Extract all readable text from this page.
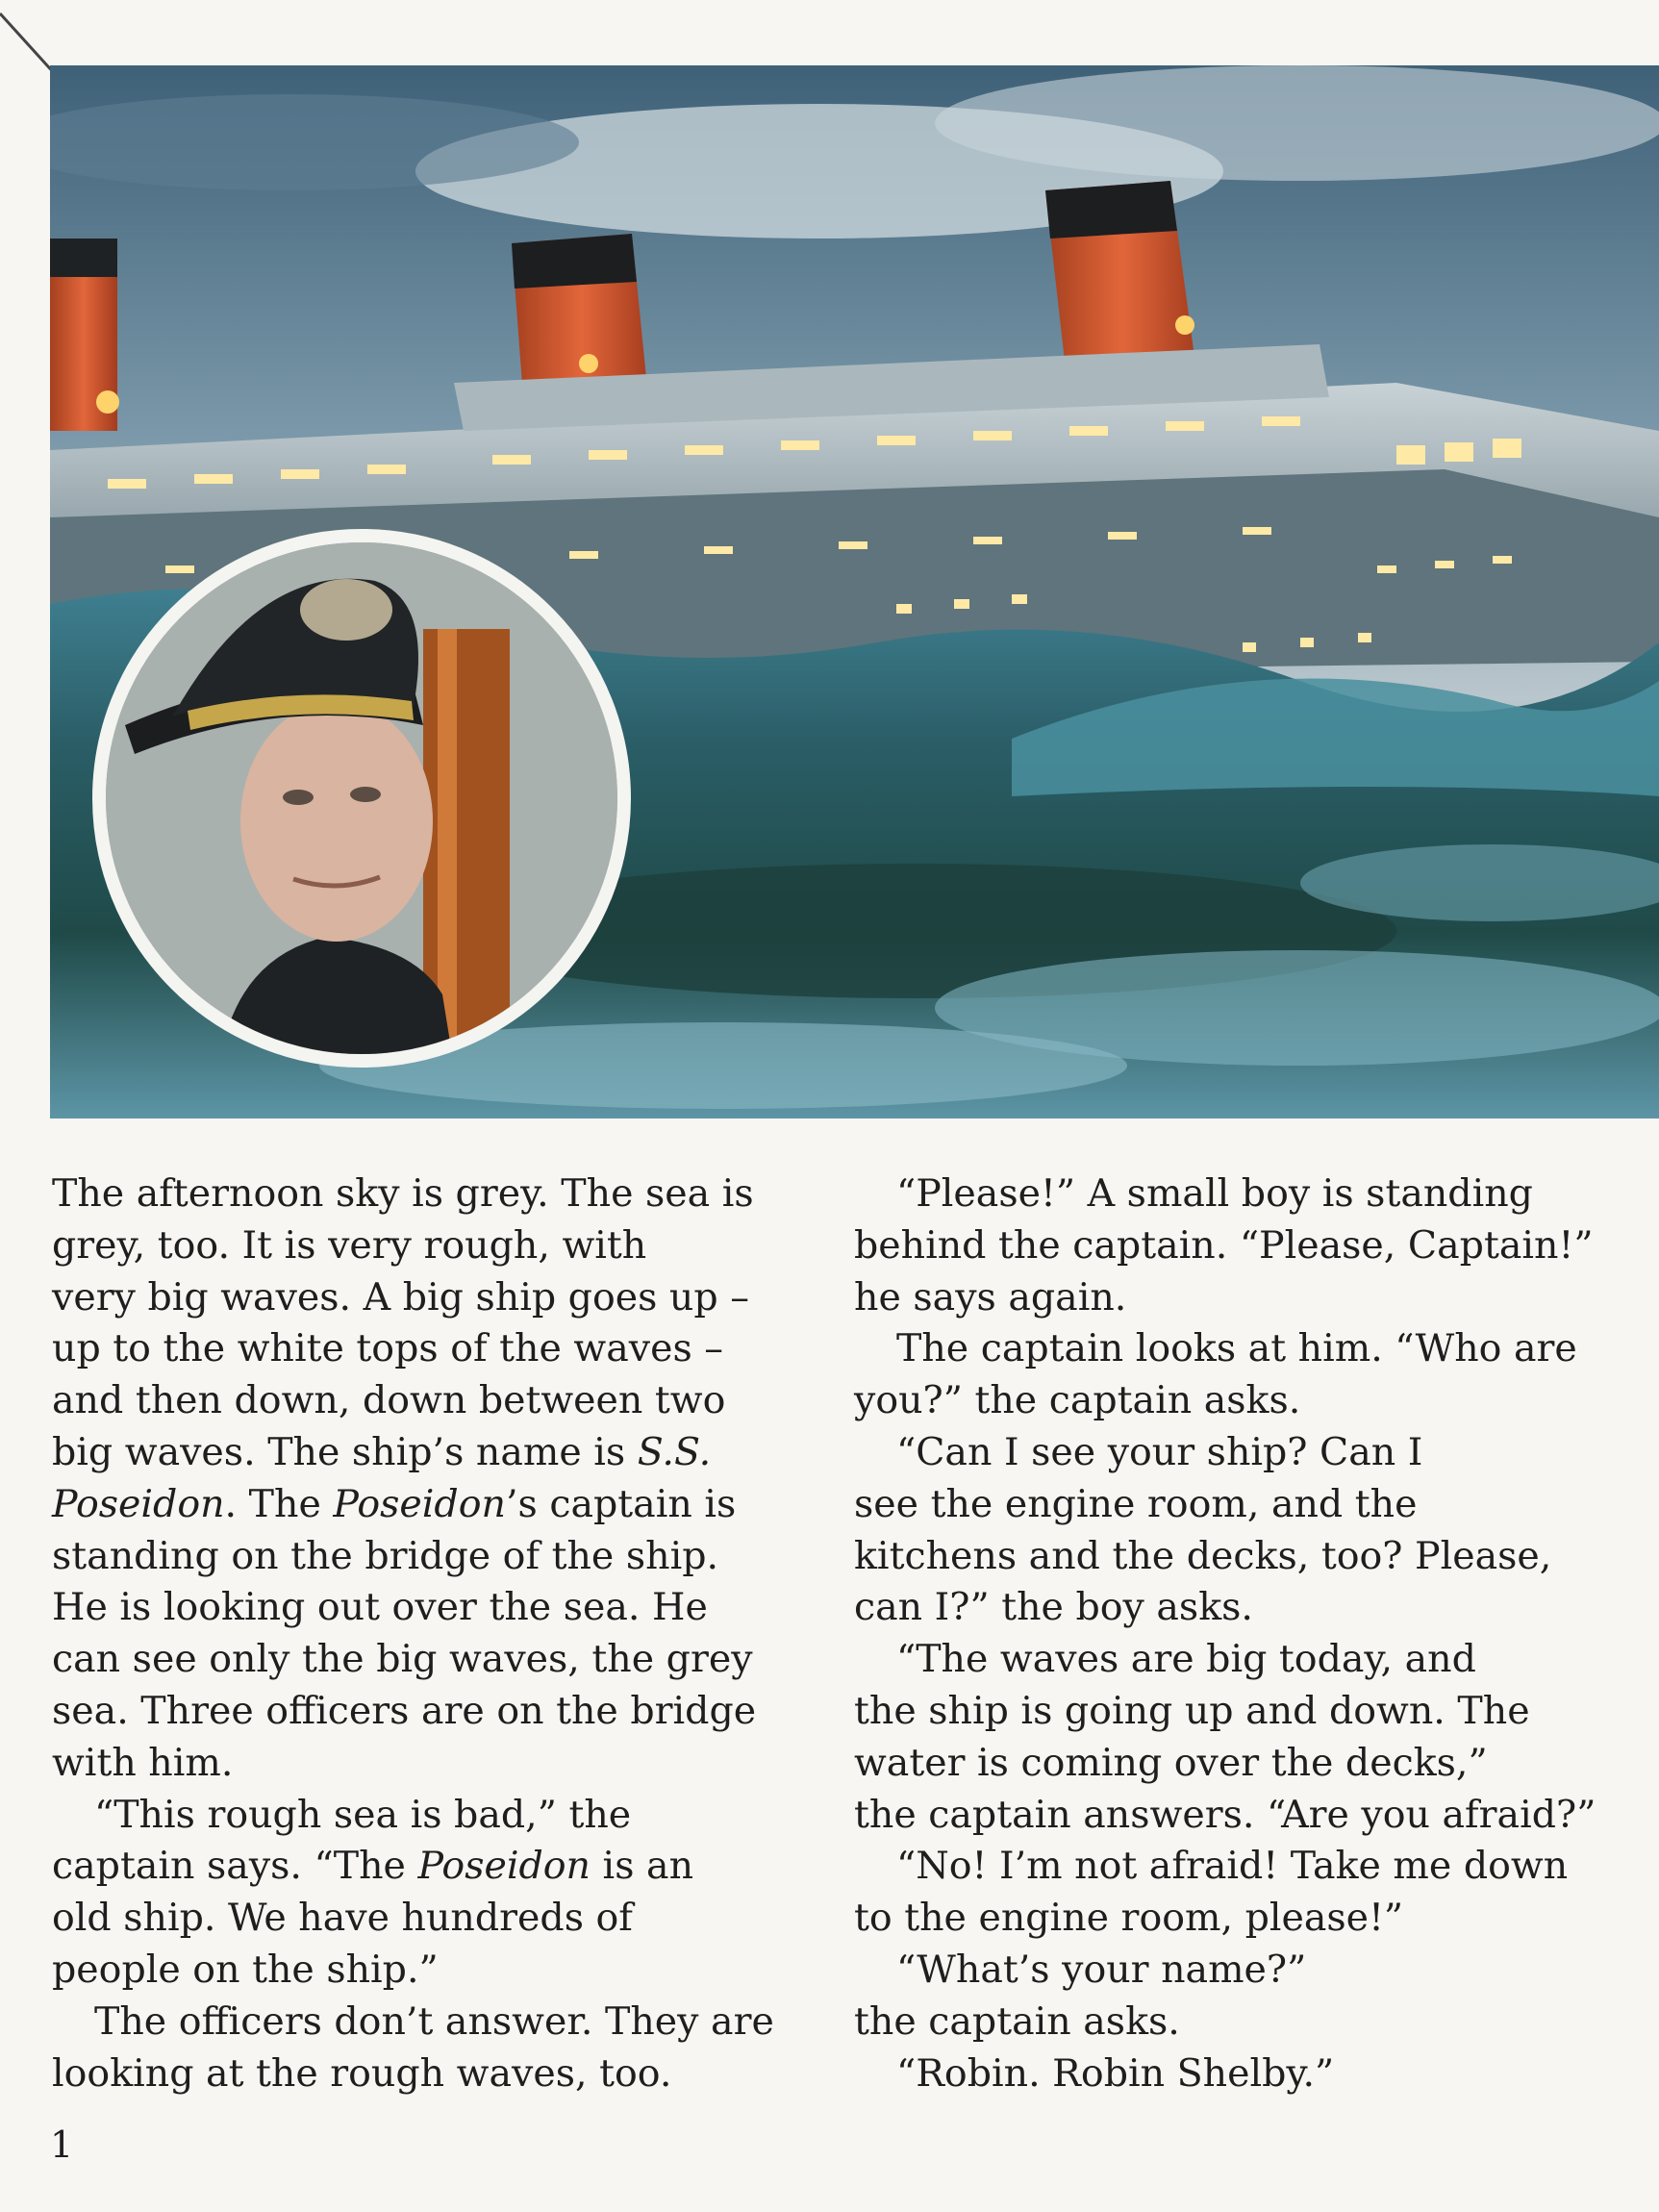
The afternoon sky is grey. The sea is
grey, too. It is very rough, with
very big waves. A big ship goes up –
up to the white tops of the waves –
and then down, down between two
big waves. The ship’s name is S.S.
Poseidon. The Poseidon’s captain is
standing on the bridge of the ship.
He is looking out over the sea. He
can see only the big waves, the grey
sea. Three officers are on the bridge
with him.

“This rough sea is bad,” the
captain says. “The Poseidon is an
old ship. We have hundreds of
people on the ship.”

The officers don’t answer. They are
looking at the rough waves, too.

“Please!” A small boy is standing
behind the captain. “Please, Captain!”
he says again.

The captain looks at him. “Who are
you?” the captain asks.

“Can I see your ship? Can I
see the engine room, and the
kitchens and the decks, too? Please,
can I?” the boy asks.

“The waves are big today, and
the ship is going up and down. The
water is coming over the decks,”
the captain answers. “Are you afraid?”

“No! I’m not afraid! Take me down
to the engine room, please!”

“What’s your name?”
the captain asks.

“Robin. Robin Shelby.”

1
